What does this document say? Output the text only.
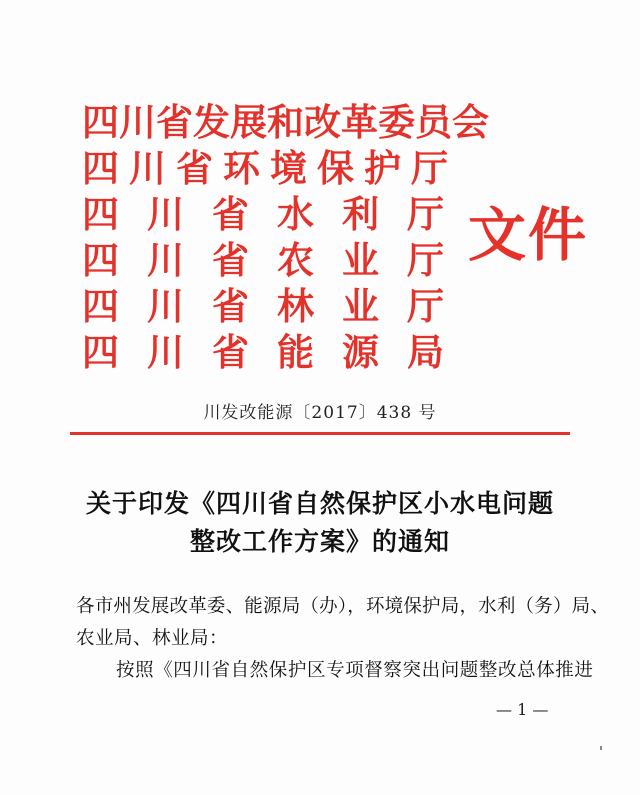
四川省发展和改革委员会
四川省环境保护厅
四 川 省 水 利 厅
四 川 省 农 业 厅
四 川 省 林 业 厅
四 川 省 能 源 局
文件
川发改能源〔2017〕438 号
关于印发《四川省自然保护区小水电问题
整改工作方案》的通知
各市州发展改革委、能源局（办），环境保护局，水利（务）局、
农业局、林业局：
按照《四川省自然保护区专项督察突出问题整改总体推进
— 1 —
